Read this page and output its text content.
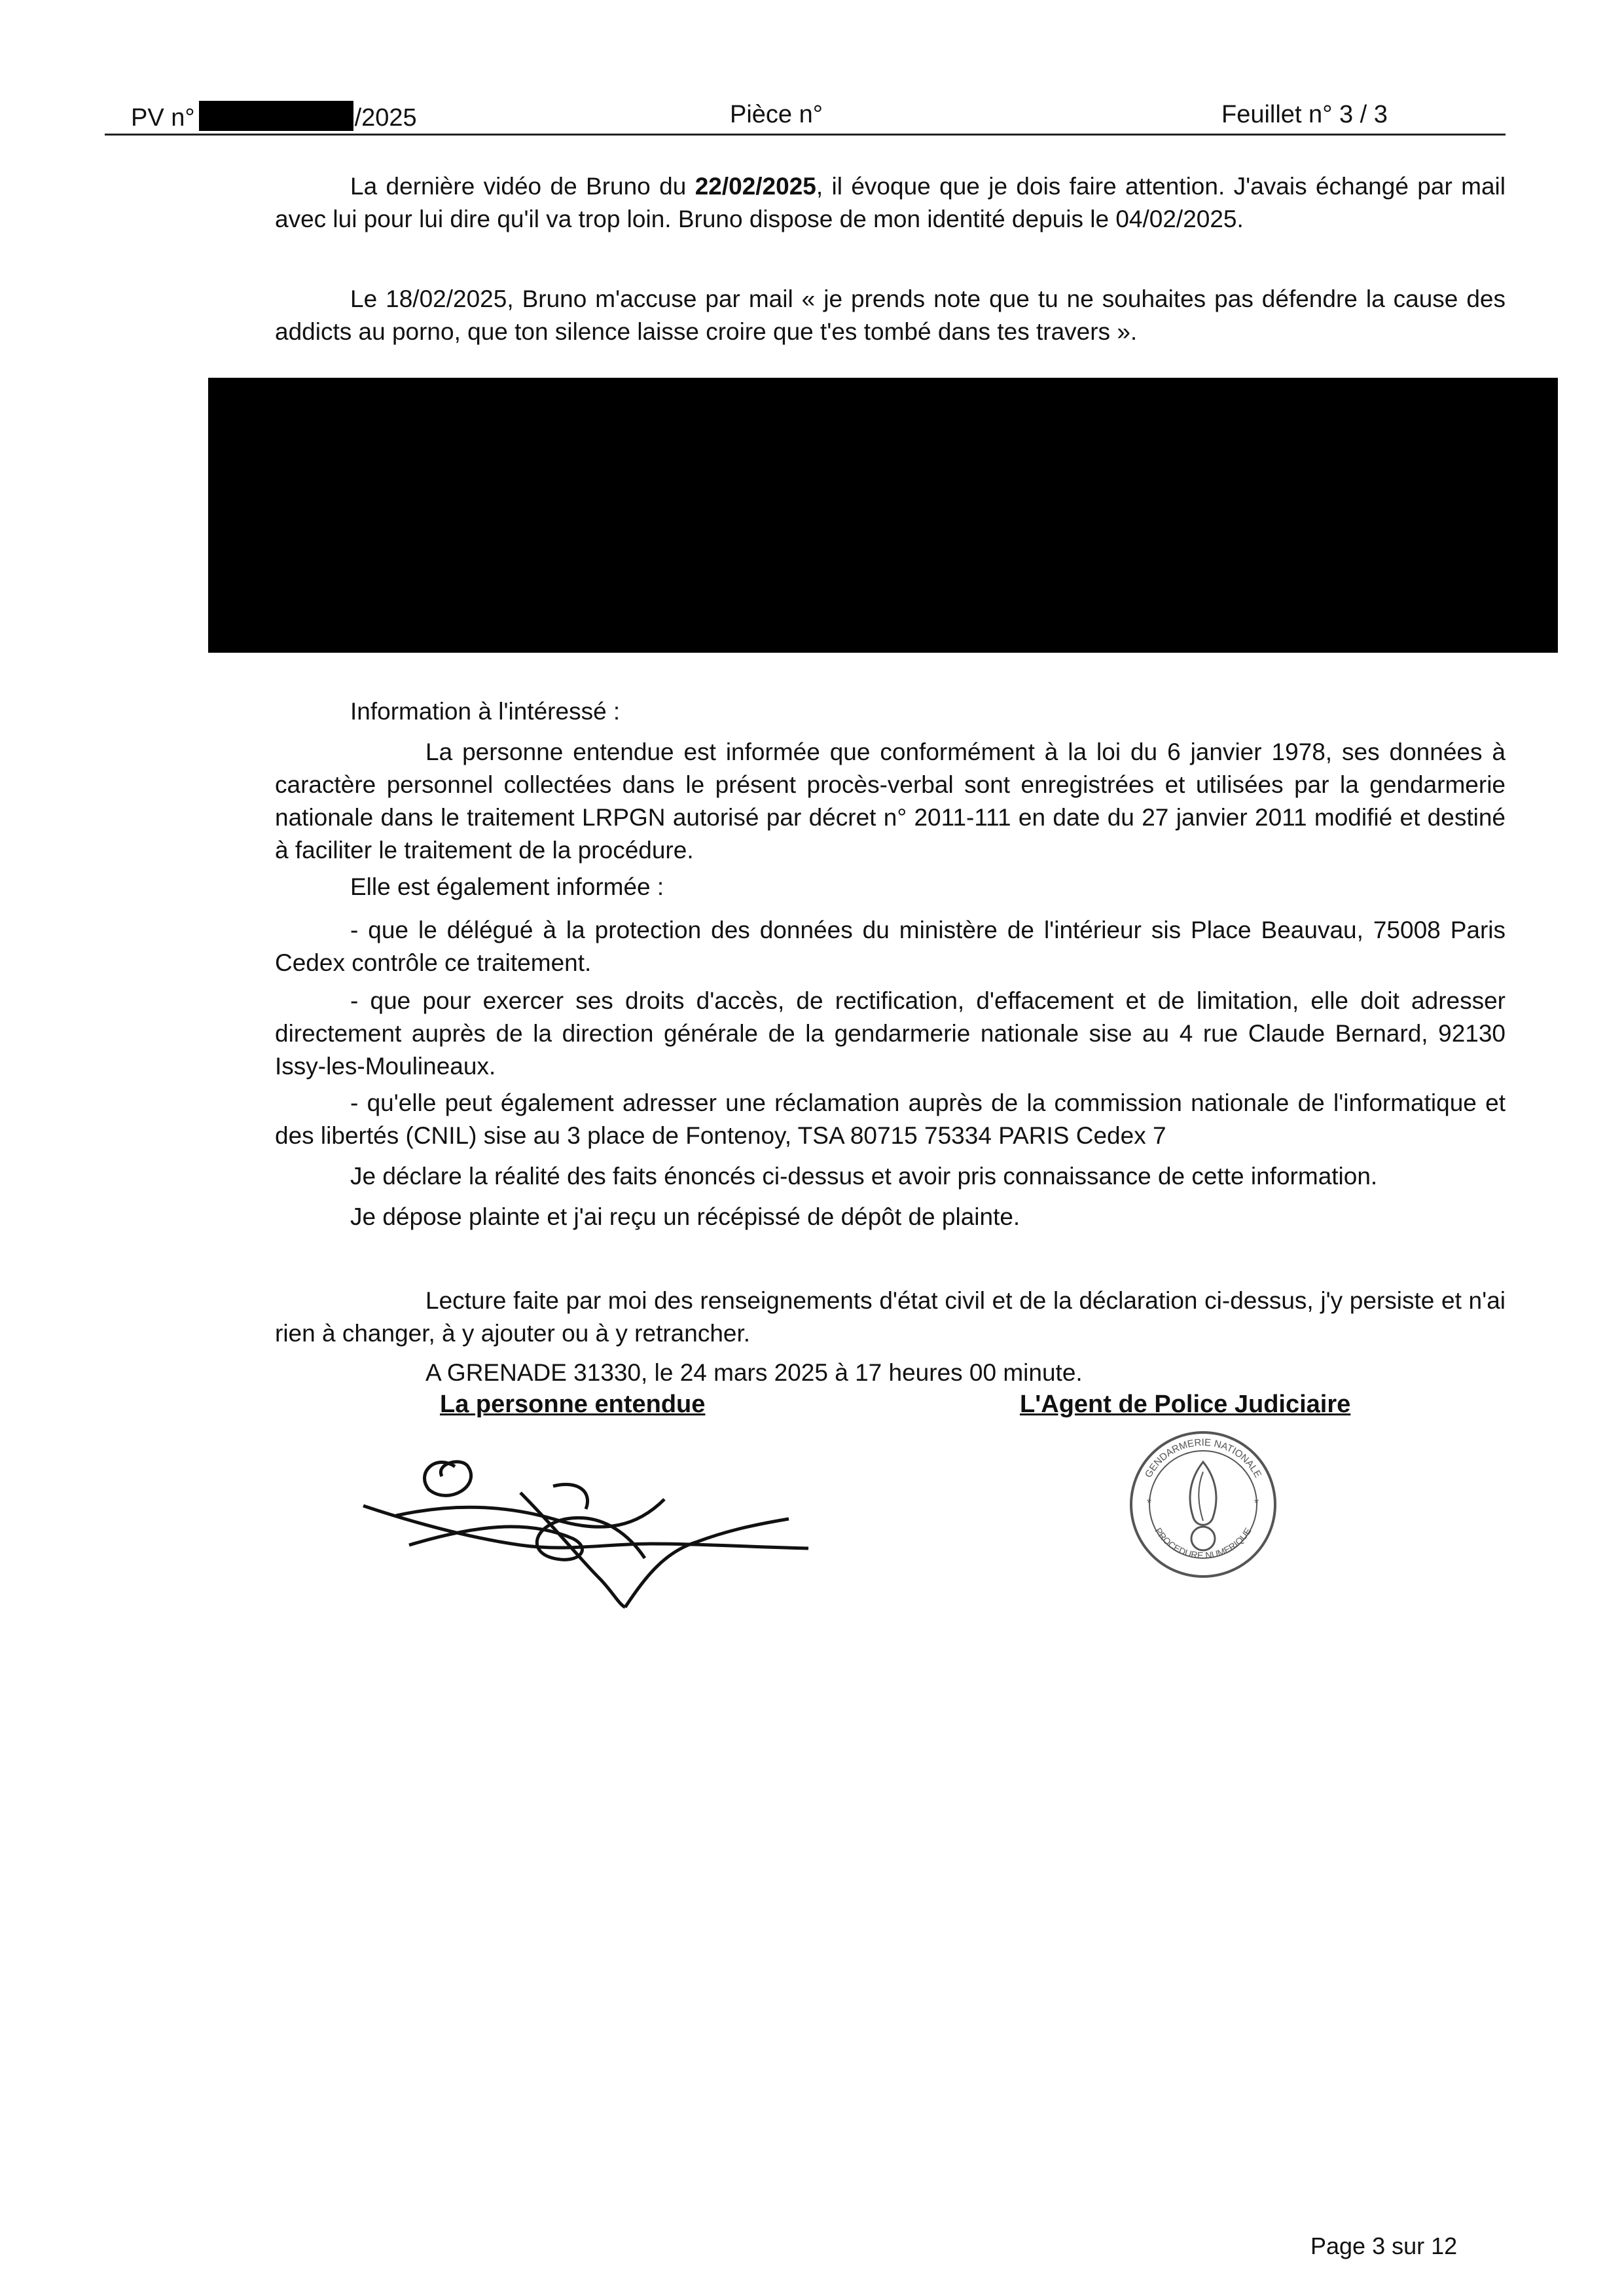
PV n°	/2025	Pièce n°	Feuillet n° 3 / 3

La dernière vidéo de Bruno du 22/02/2025, il évoque que je dois faire attention. J'avais échangé par mail avec lui pour lui dire qu'il va trop loin. Bruno dispose de mon identité depuis le 04/02/2025.

Le 18/02/2025, Bruno m'accuse par mail « je prends note que tu ne souhaites pas défendre la cause des addicts au porno, que ton silence laisse croire que t'es tombé dans tes travers ».

Information à l'intéressé :

La personne entendue est informée que conformément à la loi du 6 janvier 1978, ses données à caractère personnel collectées dans le présent procès-verbal sont enregistrées et utilisées par la gendarmerie nationale dans le traitement LRPGN autorisé par décret n° 2011-111 en date du 27 janvier 2011 modifié et destiné à faciliter le traitement de la procédure.

Elle est également informée :

- que le délégué à la protection des données du ministère de l'intérieur sis Place Beauvau, 75008 Paris Cedex contrôle ce traitement.

- que pour exercer ses droits d'accès, de rectification, d'effacement et de limitation, elle doit adresser directement auprès de la direction générale de la gendarmerie nationale sise au 4 rue Claude Bernard, 92130 Issy-les-Moulineaux.

- qu'elle peut également adresser une réclamation auprès de la commission nationale de l'informatique et des libertés (CNIL) sise au 3 place de Fontenoy, TSA 80715 75334 PARIS Cedex 7

Je déclare la réalité des faits énoncés ci-dessus et avoir pris connaissance de cette information.

Je dépose plainte et j'ai reçu un récépissé de dépôt de plainte.

Lecture faite par moi des renseignements d'état civil et de la déclaration ci-dessus, j'y persiste et n'ai rien à changer, à y ajouter ou à y retrancher.

A GRENADE 31330, le 24 mars 2025 à 17 heures 00 minute.

La personne entendue	L'Agent de Police Judiciaire
*	*
GENDARMERIE NATIONALE
PROCEDURE NUMERIQUE
Page 3 sur 12
